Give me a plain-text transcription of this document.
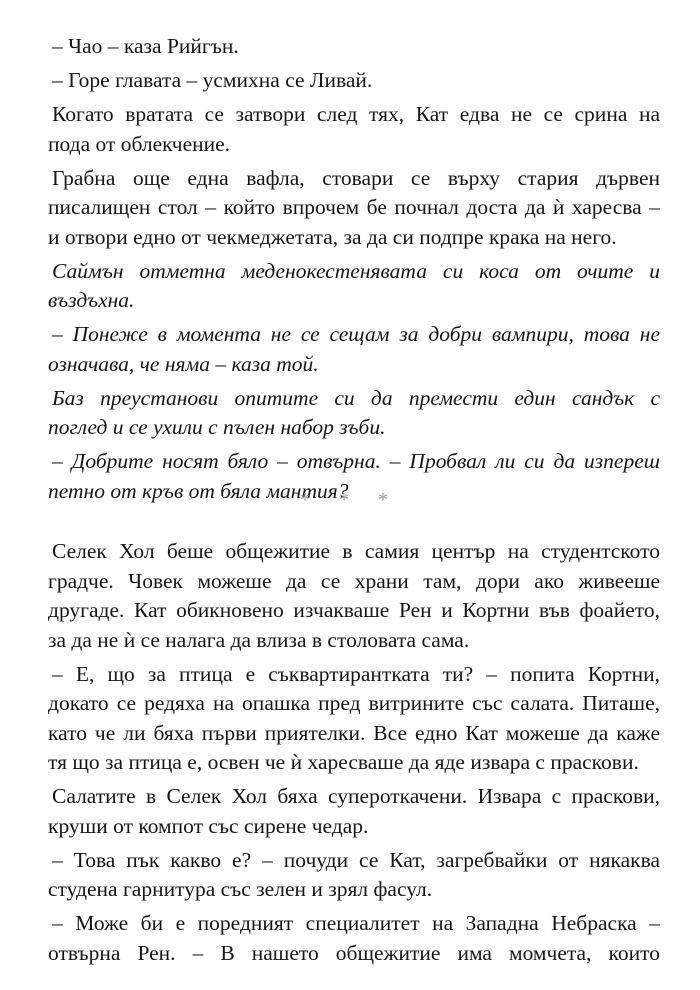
– Чао – каза Рийгън.
– Горе главата – усмихна се Ливай.
Когато вратата се затвори след тях, Кат едва не се срина на
пода от облекчение.
Грабна още една вафла, стовари се върху стария дървен
писалищен стол – който впрочем бе почнал доста да ѝ харесва –
и отвори едно от чекмеджетата, за да си подпре крака на него.
Саймън отметна меденокестенявата си коса от очите и
въздъхна.
– Понеже в момента не се сещам за добри вампири, това не
означава, че няма – каза той.
Баз преустанови опитите си да премести един сандък с
поглед и се ухили с пълен набор зъби.
– Добрите носят бяло – отвърна. – Пробвал ли си да изпереш
петно от кръв от бяла мантия?
* * *
Селек Хол беше общежитие в самия център на студентското
градче. Човек можеше да се храни там, дори ако живееше
другаде. Кат обикновено изчакваше Рен и Кортни във фоайето,
за да не ѝ се налага да влиза в столовата сама.
– Е, що за птица е съквартирантката ти? – попита Кортни,
докато се редяха на опашка пред витрините със салата. Питаше,
като че ли бяха първи приятелки. Все едно Кат можеше да каже
тя що за птица е, освен че ѝ харесваше да яде извара с праскови.
Салатите в Селек Хол бяха супероткачени. Извара с праскови,
круши от компот със сирене чедар.
– Това пък какво е? – почуди се Кат, загребвайки от някаква
студена гарнитура със зелен и зрял фасул.
– Може би е поредният специалитет на Западна Небраска –
отвърна Рен. – В нашето общежитие има момчета, които
